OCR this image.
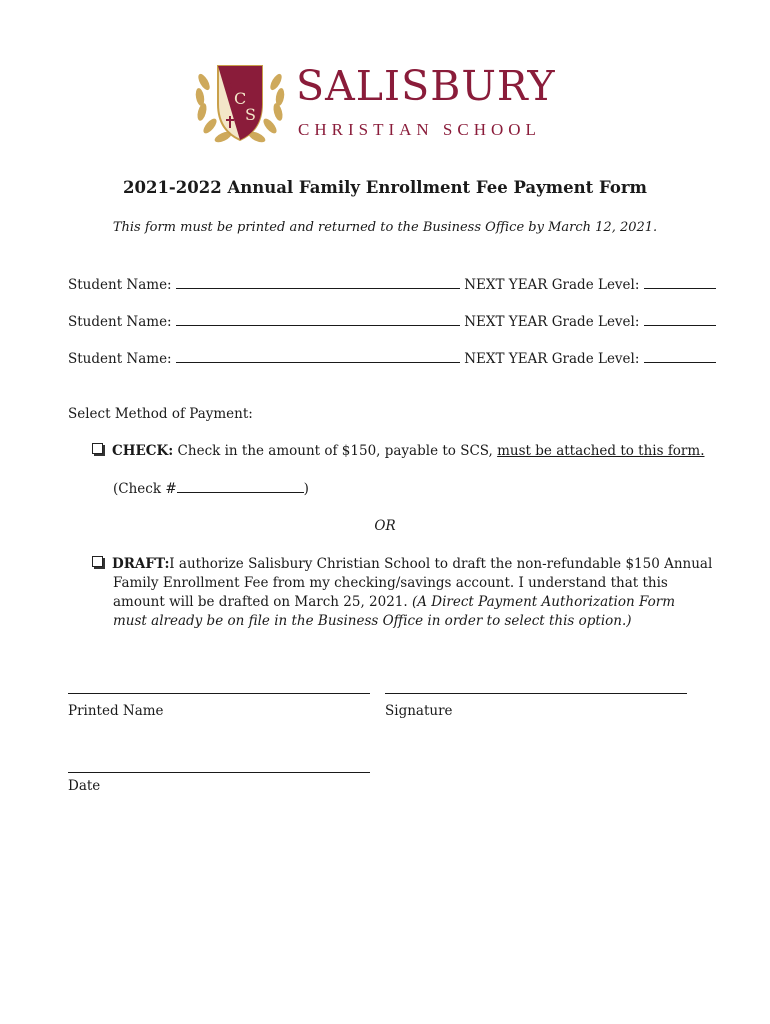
S
C
S
SALISBURY
CHRISTIAN SCHOOL
2021-2022 Annual Family Enrollment Fee Payment Form
This form must be printed and returned to the Business Office by March 12, 2021.
Student Name:	NEXT YEAR Grade Level:
Student Name:	NEXT YEAR Grade Level:
Student Name:	NEXT YEAR Grade Level:
Select Method of Payment:
CHECK: Check in the amount of $150, payable to SCS, must be attached to this form.
(Check #	)
OR
DRAFT:
I authorize Salisbury Christian School to draft the non-refundable $150 Annual Family Enrollment Fee from my checking/savings account. I understand that this amount will be drafted on March 25, 2021. (A Direct Payment Authorization Form must already be on file in the Business Office in order to select this option.)
Printed Name	Signature
Date
